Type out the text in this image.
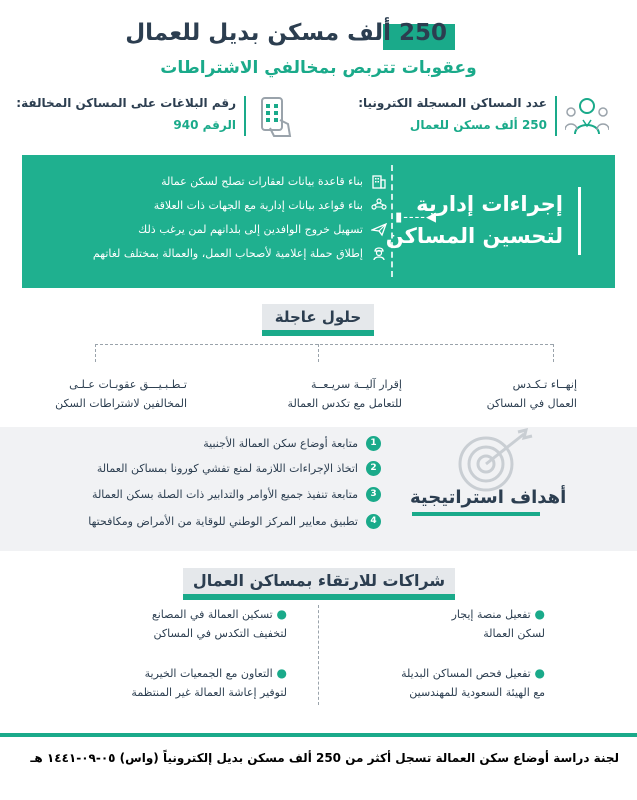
250 ألف مسكن بديل للعمال
وعقوبات تتربص بمخالفي الاشتراطات
عدد المساكن المسجلة الكترونيا:
250 ألف مسكن للعمال
رقم البلاغات على المساكن المخالفة:
الرقم 940
إجراءات إدارية
لتحسين المساكن
◀----▮
بناء قاعدة بيانات لعقارات تصلح لسكن عمالة
بناء قواعد بيانات إدارية مع الجهات ذات العلاقة
تسهيل خروج الوافدين إلى بلدانهم لمن يرغب ذلك
إطلاق حملة إعلامية لأصحاب العمل، والعمالة بمختلف لغاتهم
حلول عاجلة
إنهــاء تـكـدس
العمال في المساكن
إقرار آليــة سريـعــة
للتعامل مع تكدس العمالة
تـطـبـيـــق عقوبـات عـلـى
المخالفين لاشتراطات السكن
أهداف استراتيجية
1
متابعة أوضاع سكن العمالة الأجنبية
2
اتخاذ الإجراءات اللازمة لمنع تفشي كورونا بمساكن العمالة
3
متابعة تنفيذ جميع الأوامر والتدابير ذات الصلة بسكن العمالة
4
تطبيق معايير المركز الوطني للوقاية من الأمراض ومكافحتها
شراكات للارتقاء بمساكن العمال
● تفعيل منصة إيجار
لسكن العمالة
● تفعيل فحص المساكن البديلة
مع الهيئة السعودية للمهندسين
● تسكين العمالة في المصانع
لتخفيف التكدس في المساكن
● التعاون مع الجمعيات الخيرية
لتوفير إعاشة العمالة غير المنتظمة
لجنة دراسة أوضاع سكن العمالة تسجل أكثر من 250 ألف مسكن بديل إلكترونياً (واس) ٠٥-٠٩-١٤٤١ هـ
